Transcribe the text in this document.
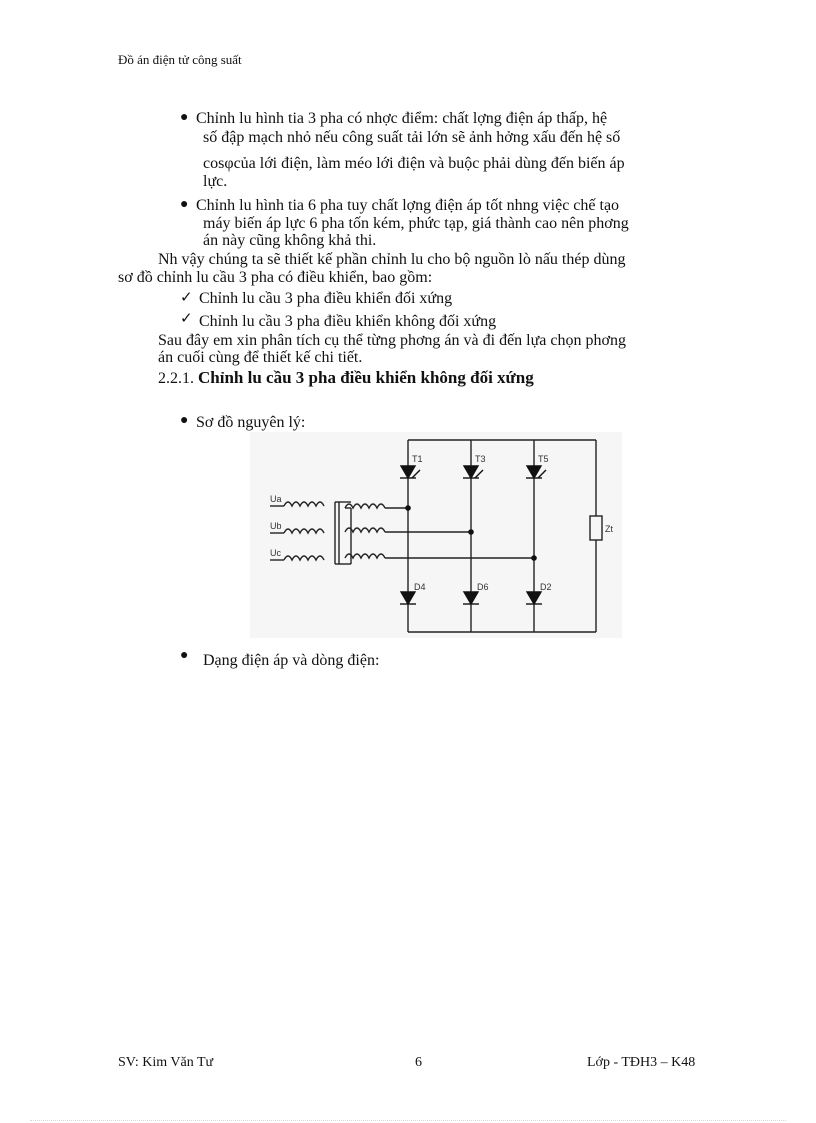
Đồ án điện tử công suất
● Chỉnh lu hình tia 3 pha có nhợc điểm: chất lợng điện áp thấp, hệ
số đập mạch nhỏ nếu công suất tải lớn sẽ ảnh hởng xấu đến hệ số
cosφcủa lới điện, làm méo lới điện và buộc phải dùng đến biến áp
lực.
● Chỉnh lu hình tia 6 pha tuy chất lợng điện áp tốt nhng việc chế tạo
máy biến áp lực 6 pha tốn kém, phức tạp, giá thành cao nên phơng
án này cũng không khả thi.
Nh vậy chúng ta sẽ thiết kế phần chỉnh lu cho bộ nguồn lò nấu thép dùng
sơ đồ chỉnh lu cầu 3 pha có điều khiển, bao gồm:
✓ Chỉnh lu cầu 3 pha điều khiển đối xứng
✓ Chỉnh lu cầu 3 pha điều khiển không đối xứng
Sau đây em xin phân tích cụ thể từng phơng án và đi đến lựa chọn phơng
án cuối cùng để thiết kế chi tiết.
2.2.1. Chỉnh lu cầu 3 pha điều khiển không đối xứng
● Sơ đồ nguyên lý:
Ua
Ub
Uc
T1	T3	T5
D4	D6	D2
Zt
● Dạng điện áp và dòng điện:
SV: Kim Văn Tư	6	Lớp - TĐH3 – K48
